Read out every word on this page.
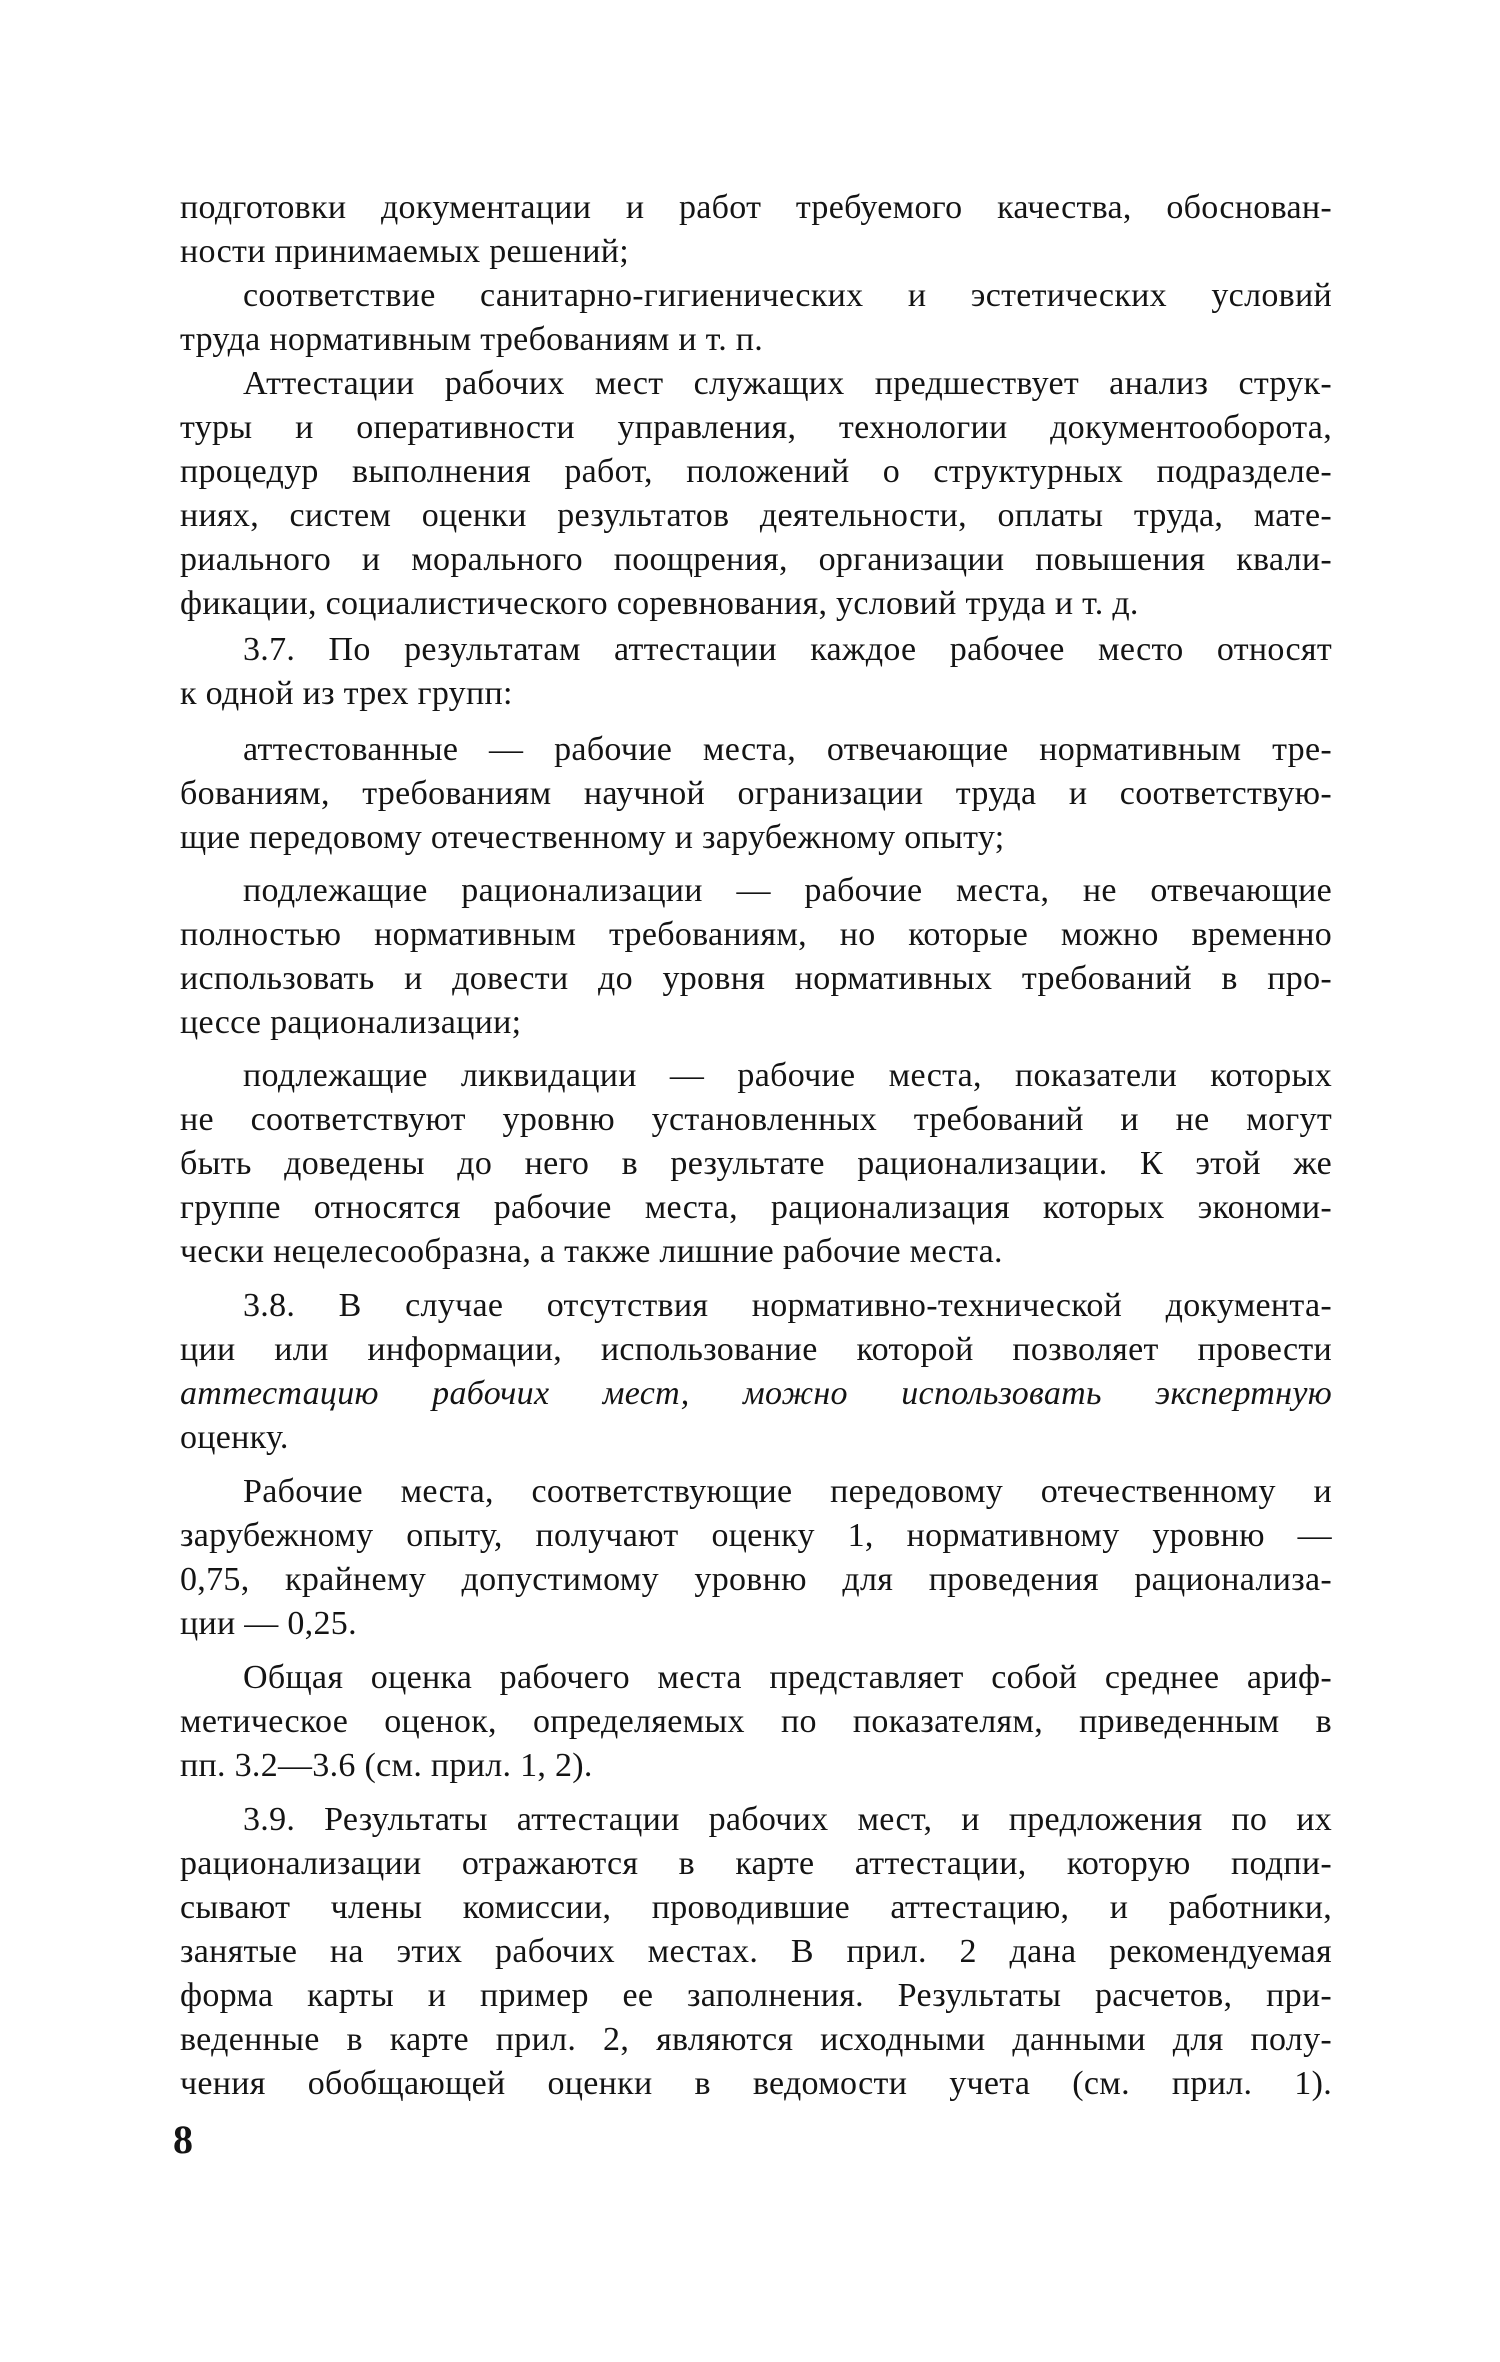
подготовки документации и работ требуемого качества, обоснован-
ности принимаемых решений;
соответствие санитарно-гигиенических и эстетических условий
труда нормативным требованиям и т. п.
Аттестации рабочих мест служащих предшествует анализ струк-
туры и оперативности управления, технологии документооборота,
процедур выполнения работ, положений о структурных подразделе-
ниях, систем оценки результатов деятельности, оплаты труда, мате-
риального и морального поощрения, организации повышения квали-
фикации, социалистического соревнования, условий труда и т. д.
3.7. По результатам аттестации каждое рабочее место относят
к одной из трех групп:
аттестованные — рабочие места, отвечающие нормативным тре-
бованиям, требованиям научной огранизации труда и соответствую-
щие передовому отечественному и зарубежному опыту;
подлежащие рационализации — рабочие места, не отвечающие
полностью нормативным требованиям, но которые можно временно
использовать и довести до уровня нормативных требований в про-
цессе рационализации;
подлежащие ликвидации — рабочие места, показатели которых
не соответствуют уровню установленных требований и не могут
быть доведены до него в результате рационализации. К этой же
группе относятся рабочие места, рационализация которых экономи-
чески нецелесообразна, а также лишние рабочие места.
3.8. В случае отсутствия нормативно-технической документа-
ции или информации, использование которой позволяет провести
аттестацию рабочих мест, можно использовать экспертную
оценку.
Рабочие места, соответствующие передовому отечественному и
зарубежному опыту, получают оценку 1, нормативному уровню —
0,75, крайнему допустимому уровню для проведения рационализа-
ции — 0,25.
Общая оценка рабочего места представляет собой среднее ариф-
метическое оценок, определяемых по показателям, приведенным в
пп. 3.2—3.6 (см. прил. 1, 2).
3.9. Результаты аттестации рабочих мест, и предложения по их
рационализации отражаются в карте аттестации, которую подпи-
сывают члены комиссии, проводившие аттестацию, и работники,
занятые на этих рабочих местах. В прил. 2 дана рекомендуемая
форма карты и пример ее заполнения. Результаты расчетов, при-
веденные в карте прил. 2, являются исходными данными для полу-
чения обобщающей оценки в ведомости учета (см. прил. 1).
8
